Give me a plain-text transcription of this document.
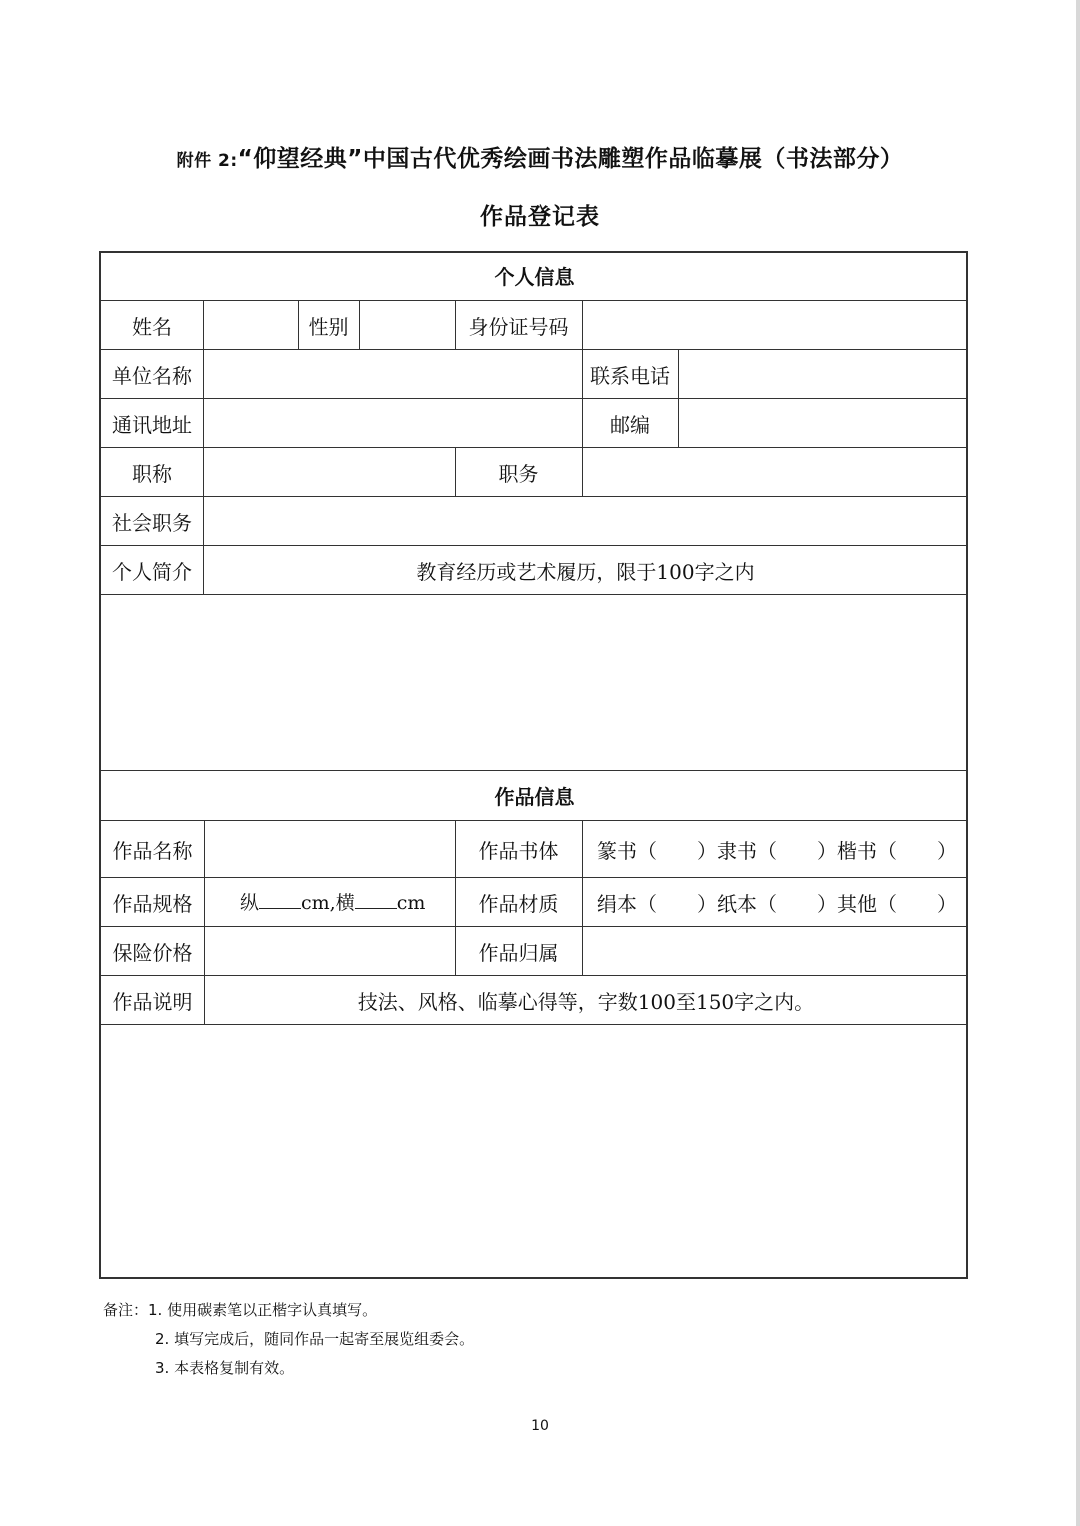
附件 2:“仰望经典”中国古代优秀绘画书法雕塑作品临摹展（书法部分）
作品登记表
个人信息
姓名	性别	身份证号码
单位名称	联系电话
通讯地址	邮编
职称	职务
社会职务
个人简介	教育经历或艺术履历，限于100字之内
作品信息
作品名称	作品书体	篆书（　　）隶书（　　）楷书（　　）
作品规格	纵 cm,横 cm	作品材质	绢本（　　）纸本（　　）其他（　　）
保险价格	作品归属
作品说明	技法、风格、临摹心得等，字数100至150字之内。
备注：1. 使用碳素笔以正楷字认真填写。
2. 填写完成后，随同作品一起寄至展览组委会。
3. 本表格复制有效。
10
